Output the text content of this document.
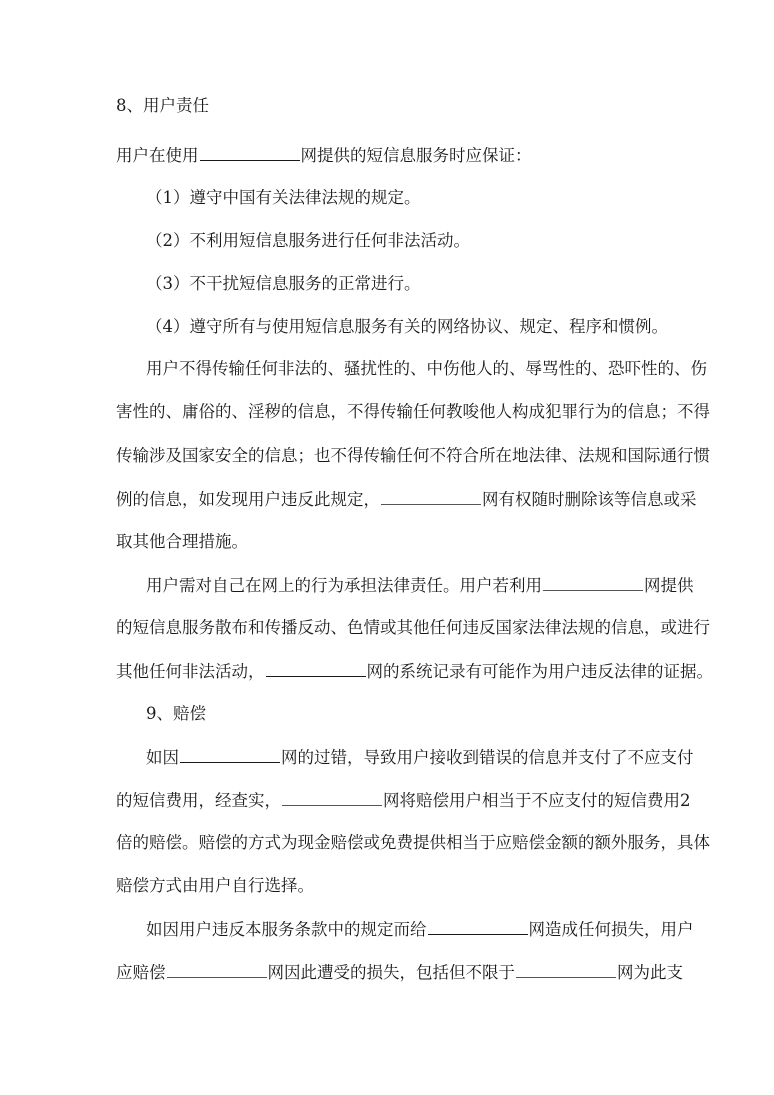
8、用户责任
用户在使用	网提供的短信息服务时应保证：
（1）遵守中国有关法律法规的规定。
（2）不利用短信息服务进行任何非法活动。
（3）不干扰短信息服务的正常进行。
（4）遵守所有与使用短信息服务有关的网络协议、规定、程序和惯例。
用户不得传输任何非法的、骚扰性的、中伤他人的、辱骂性的、恐吓性的、伤
害性的、庸俗的、淫秽的信息，不得传输任何教唆他人构成犯罪行为的信息；不得
传输涉及国家安全的信息；也不得传输任何不符合所在地法律、法规和国际通行惯
例的信息，如发现用户违反此规定，	网有权随时删除该等信息或采
取其他合理措施。
用户需对自己在网上的行为承担法律责任。用户若利用	网提供
的短信息服务散布和传播反动、色情或其他任何违反国家法律法规的信息，或进行
其他任何非法活动，	网的系统记录有可能作为用户违反法律的证据。
9、赔偿
如因	网的过错，导致用户接收到错误的信息并支付了不应支付
的短信费用，经查实，	网将赔偿用户相当于不应支付的短信费用2
倍的赔偿。赔偿的方式为现金赔偿或免费提供相当于应赔偿金额的额外服务，具体
赔偿方式由用户自行选择。
如因用户违反本服务条款中的规定而给	网造成任何损失，用户
应赔偿	网因此遭受的损失，包括但不限于	网为此支
